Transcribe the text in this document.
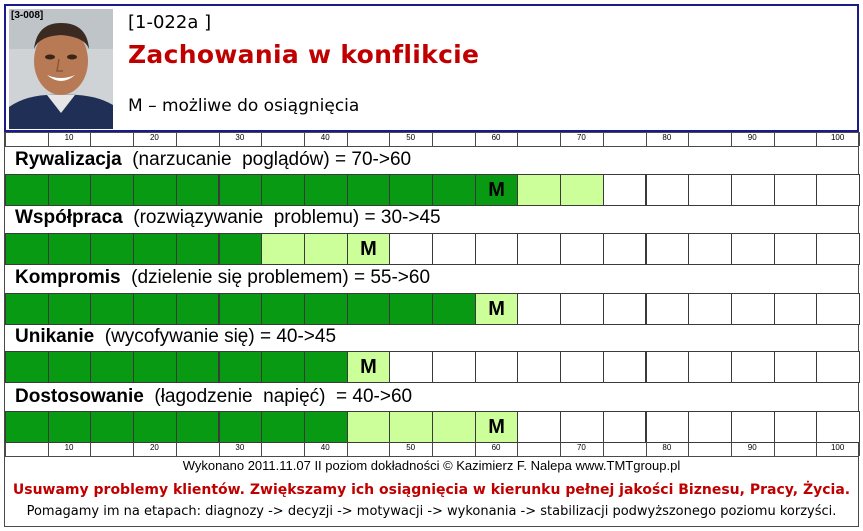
[3-008]	[1-022a ]
Zachowania w konflikcie
M – możliwe do osiągnięcia
10	20	30	40	50	60	70	80	90	100
Rywalizacja  (narzucanie  poglądów) = 70->60
M
Współpraca  (rozwiązywanie  problemu) = 30->45
M
Kompromis  (dzielenie się problemem) = 55->60
M
Unikanie  (wycofywanie się) = 40->45
M
Dostosowanie  (łagodzenie  napięć)  = 40->60
M
10	20	30	40	50	60	70	80	90	100
Wykonano 2011.11.07 II poziom dokładności © Kazimierz F. Nalepa www.TMTgroup.pl
Usuwamy problemy klientów. Zwiększamy ich osiągnięcia w kierunku pełnej jakości Biznesu, Pracy, Życia.
Pomagamy im na etapach: diagnozy -> decyzji -> motywacji -> wykonania -> stabilizacji podwyższonego poziomu korzyści.
